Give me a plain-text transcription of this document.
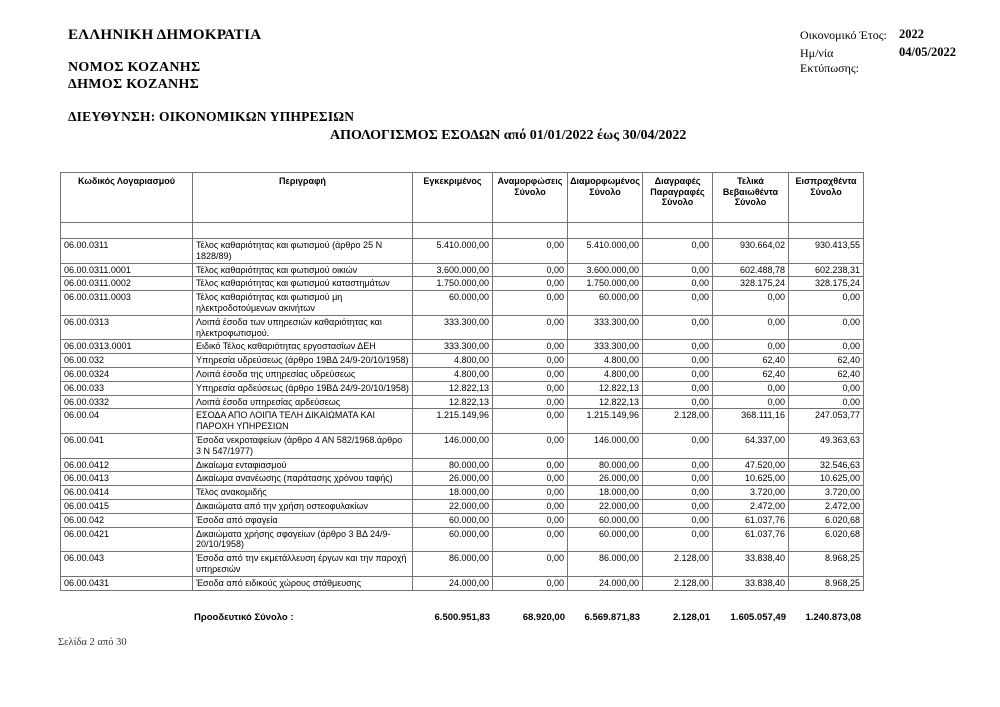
ΕΛΛΗΝΙΚΗ ΔΗΜΟΚΡΑΤΙΑ
ΝΟΜΟΣ ΚΟΖΑΝΗΣ
ΔΗΜΟΣ ΚΟΖΑΝΗΣ
Οικονομικό Έτος: 2022
Ημ/νία Εκτύπωσης:
04/05/2022
ΔΙΕΥΘΥΝΣΗ: ΟΙΚΟΝΟΜΙΚΩΝ ΥΠΗΡΕΣΙΩΝ
ΑΠΟΛΟΓΙΣΜΟΣ ΕΣΟΔΩΝ από 01/01/2022 έως 30/04/2022
Κωδικός Λογαριασμού	Περιγραφή	Εγκεκριμένος	Αναμορφώσεις Σύνολο	Διαμορφωμένος Σύνολο	Διαγραφές Παραγραφές Σύνολο	Τελικά Βεβαιωθέντα Σύνολο	Εισπραχθέντα Σύνολο

06.00.0311	Τέλος καθαριότητας και φωτισμού (άρθρο 25 Ν 1828/89)	5.410.000,00	0,00	5.410.000,00	0,00	930.664,02	930.413,55
06.00.0311.0001	Τέλος καθαριότητας και φωτισμού οικιών	3.600.000,00	0,00	3.600.000,00	0,00	602.488,78	602.238,31
06.00.0311.0002	Τέλος καθαριότητας και φωτισμού καταστημάτων	1.750.000,00	0,00	1.750.000,00	0,00	328.175,24	328.175,24
06.00.0311.0003	Τέλος καθαριότητας και φωτισμού μη ηλεκτροδοτούμενων ακινήτων	60.000,00	0,00	60.000,00	0,00	0,00	0,00
06.00.0313	Λοιπά έσοδα των υπηρεσιών καθαριότητας και ηλεκτροφωτισμού.	333.300,00	0,00	333.300,00	0,00	0,00	0,00
06.00.0313.0001	Ειδικό Τέλος καθαριότητας εργοστασίων ΔΕΗ	333.300,00	0,00	333.300,00	0,00	0,00	0,00
06.00.032	Υπηρεσία υδρεύσεως (άρθρο 19ΒΔ 24/9-20/10/1958)	4.800,00	0,00	4.800,00	0,00	62,40	62,40
06.00.0324	Λοιπά έσοδα της υπηρεσίας υδρεύσεως	4.800,00	0,00	4.800,00	0,00	62,40	62,40
06.00.033	Υπηρεσία αρδεύσεως (άρθρο 19ΒΔ 24/9-20/10/1958)	12.822,13	0,00	12.822,13	0,00	0,00	0,00
06.00.0332	Λοιπά έσοδα υπηρεσίας αρδεύσεως	12.822,13	0,00	12.822,13	0,00	0,00	0,00
06.00.04	ΕΣΟΔΑ ΑΠΟ ΛΟΙΠΑ ΤΕΛΗ ΔΙΚΑΙΩΜΑΤΑ ΚΑΙ ΠΑΡΟΧΗ ΥΠΗΡΕΣΙΩΝ	1.215.149,96	0,00	1.215.149,96	2.128,00	368.111,16	247.053,77
06.00.041	Έσοδα νεκροταφείων (άρθρο 4 ΑΝ 582/1968.άρθρο 3 Ν 547/1977)	146.000,00	0,00	146.000,00	0,00	64.337,00	49.363,63
06.00.0412	Δικαίωμα ενταφιασμού	80.000,00	0,00	80.000,00	0,00	47.520,00	32.546,63
06.00.0413	Δικαίωμα ανανέωσης (παράτασης χρόνου ταφής)	26.000,00	0,00	26.000,00	0,00	10.625,00	10.625,00
06.00.0414	Τέλος ανακομιδής	18.000,00	0,00	18.000,00	0,00	3.720,00	3.720,00
06.00.0415	Δικαιώματα από την χρήση οστεοφυλακίων	22.000,00	0,00	22.000,00	0,00	2.472,00	2.472,00
06.00.042	Έσοδα από σφαγεία	60.000,00	0,00	60.000,00	0,00	61.037,76	6.020,68
06.00.0421	Δικαιώματα χρήσης σφαγείων (άρθρο 3 ΒΔ 24/9-20/10/1958)	60.000,00	0,00	60.000,00	0,00	61.037,76	6.020,68
06.00.043	Έσοδα από την εκμετάλλευση έργων και την παροχή υπηρεσιών	86.000,00	0,00	86.000,00	2.128,00	33.838,40	8.968,25
06.00.0431	Έσοδα από ειδικούς χώρους στάθμευσης	24.000,00	0,00	24.000,00	2.128,00	33.838,40	8.968,25
Προοδευτικό Σύνολο :	6.500.951,83	68.920,00	6.569.871,83	2.128,01	1.605.057,49	1.240.873,08
Σελίδα 2 από 30
